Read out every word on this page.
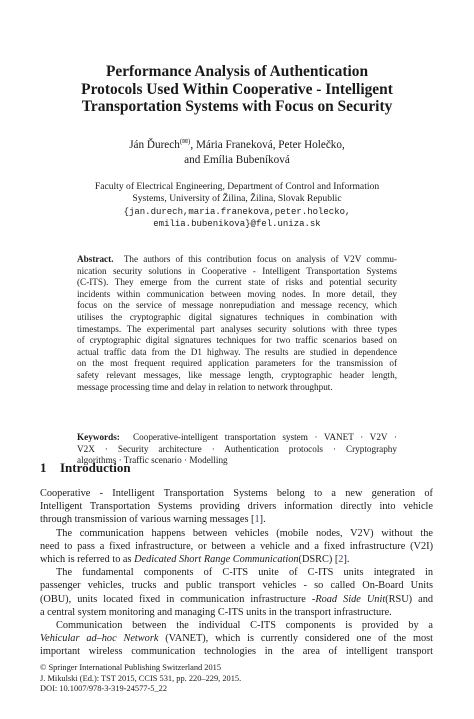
Performance Analysis of Authentication
Protocols Used Within Cooperative - Intelligent
Transportation Systems with Focus on Security
Ján Ďurech(✉), Mária Franeková, Peter Holečko,
and Emília Bubeníková
Faculty of Electrical Engineering, Department of Control and Information
Systems, University of Žilina, Žilina, Slovak Republic
{jan.durech,maria.franekova,peter.holecko,
emilia.bubenikova}@fel.uniza.sk
Abstract. The authors of this contribution focus on analysis of V2V commu-
nication security solutions in Cooperative - Intelligent Transportation Systems
(C-ITS). They emerge from the current state of risks and potential security
incidents within communication between moving nodes. In more detail, they
focus on the service of message nonrepudiation and message recency, which
utilises the cryptographic digital signatures techniques in combination with
timestamps. The experimental part analyses security solutions with three types
of cryptographic digital signatures techniques for two traffic scenarios based on
actual traffic data from the D1 highway. The results are studied in dependence
on the most frequent required application parameters for the transmission of
safety relevant messages, like message length, cryptographic header length,
message processing time and delay in relation to network throughput.
Keywords: Cooperative-intelligent transportation system · VANET · V2V ·
V2X · Security architecture · Authentication protocols · Cryptography
algorithms · Traffic scenario · Modelling
1 Introduction
Cooperative - Intelligent Transportation Systems belong to a new generation of
Intelligent Transportation Systems providing drivers information directly into vehicle
through transmission of various warning messages [1].
The communication happens between vehicles (mobile nodes, V2V) without the
need to pass a fixed infrastructure, or between a vehicle and a fixed infrastructure (V2I)
which is referred to as Dedicated Short Range Communication(DSRC) [2].
The fundamental components of C-ITS unite of C-ITS units integrated in
passenger vehicles, trucks and public transport vehicles - so called On-Board Units
(OBU), units located fixed in communication infrastructure -Road Side Unit(RSU) and
a central system monitoring and managing C-ITS units in the transport infrastructure.
Communication between the individual C-ITS components is provided by a
Vehicular ad–hoc Network (VANET), which is currently considered one of the most
important wireless communication technologies in the area of intelligent transport
© Springer International Publishing Switzerland 2015
J. Mikulski (Ed.): TST 2015, CCIS 531, pp. 220–229, 2015.
DOI: 10.1007/978-3-319-24577-5_22
